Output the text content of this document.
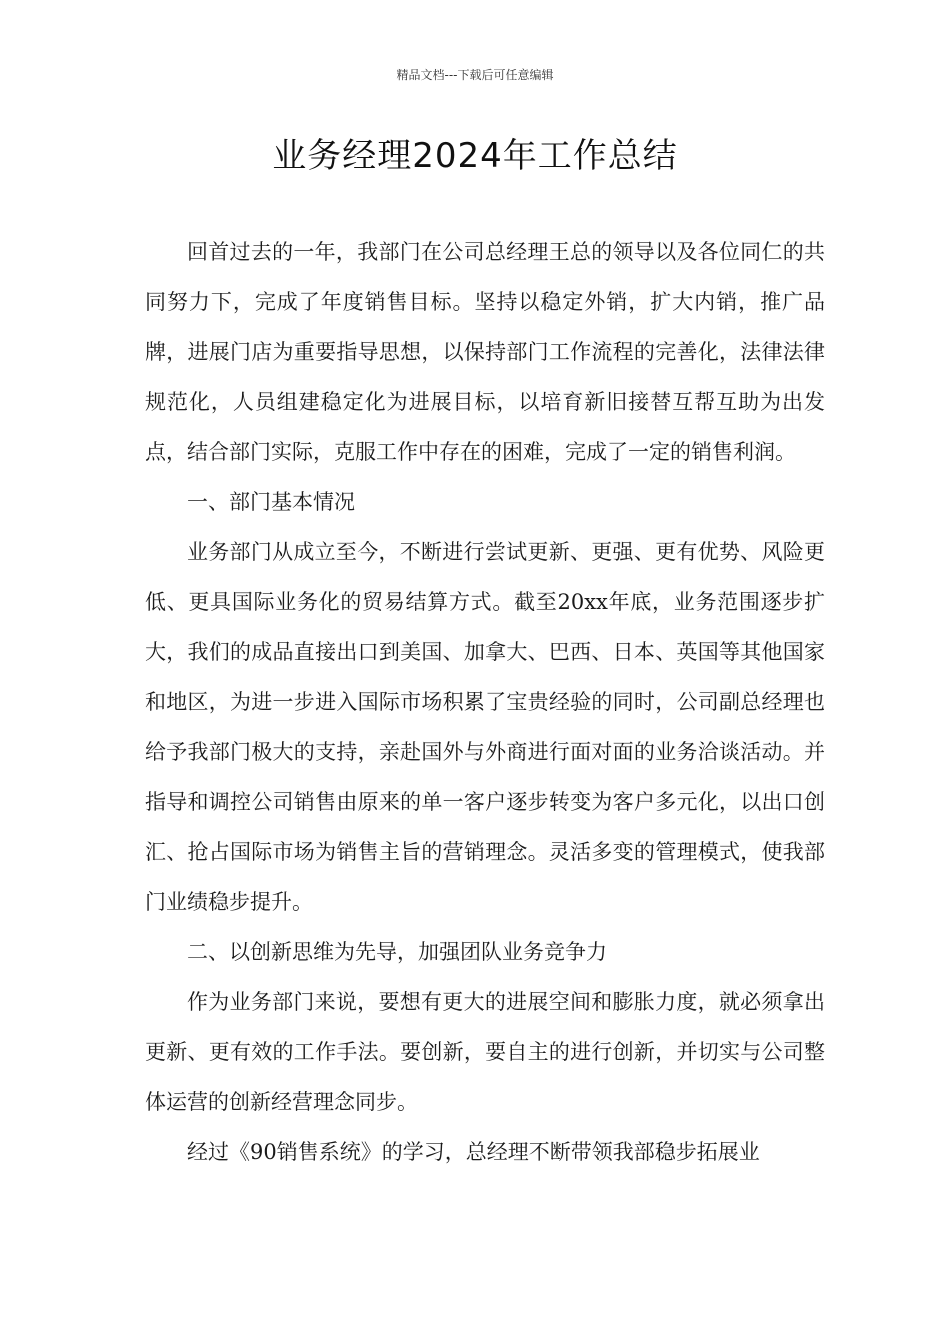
精品文档---下载后可任意编辑
业务经理2024年工作总结

回首过去的一年，我部门在公司总经理王总的领导以及各位同仁的共同努力下，完成了年度销售目标。坚持以稳定外销，扩大内销，推广品牌，进展门店为重要指导思想，以保持部门工作流程的完善化，法律法律规范化，人员组建稳定化为进展目标，以培育新旧接替互帮互助为出发点，结合部门实际，克服工作中存在的困难，完成了一定的销售利润。

一、部门基本情况

业务部门从成立至今，不断进行尝试更新、更强、更有优势、风险更低、更具国际业务化的贸易结算方式。截至20xx年底，业务范围逐步扩大，我们的成品直接出口到美国、加拿大、巴西、日本、英国等其他国家和地区，为进一步进入国际市场积累了宝贵经验的同时，公司副总经理也给予我部门极大的支持，亲赴国外与外商进行面对面的业务洽谈活动。并指导和调控公司销售由原来的单一客户逐步转变为客户多元化，以出口创汇、抢占国际市场为销售主旨的营销理念。灵活多变的管理模式，使我部门业绩稳步提升。

二、以创新思维为先导，加强团队业务竞争力

作为业务部门来说，要想有更大的进展空间和膨胀力度，就必须拿出更新、更有效的工作手法。要创新，要自主的进行创新，并切实与公司整体运营的创新经营理念同步。

经过《90销售系统》的学习，总经理不断带领我部稳步拓展业
